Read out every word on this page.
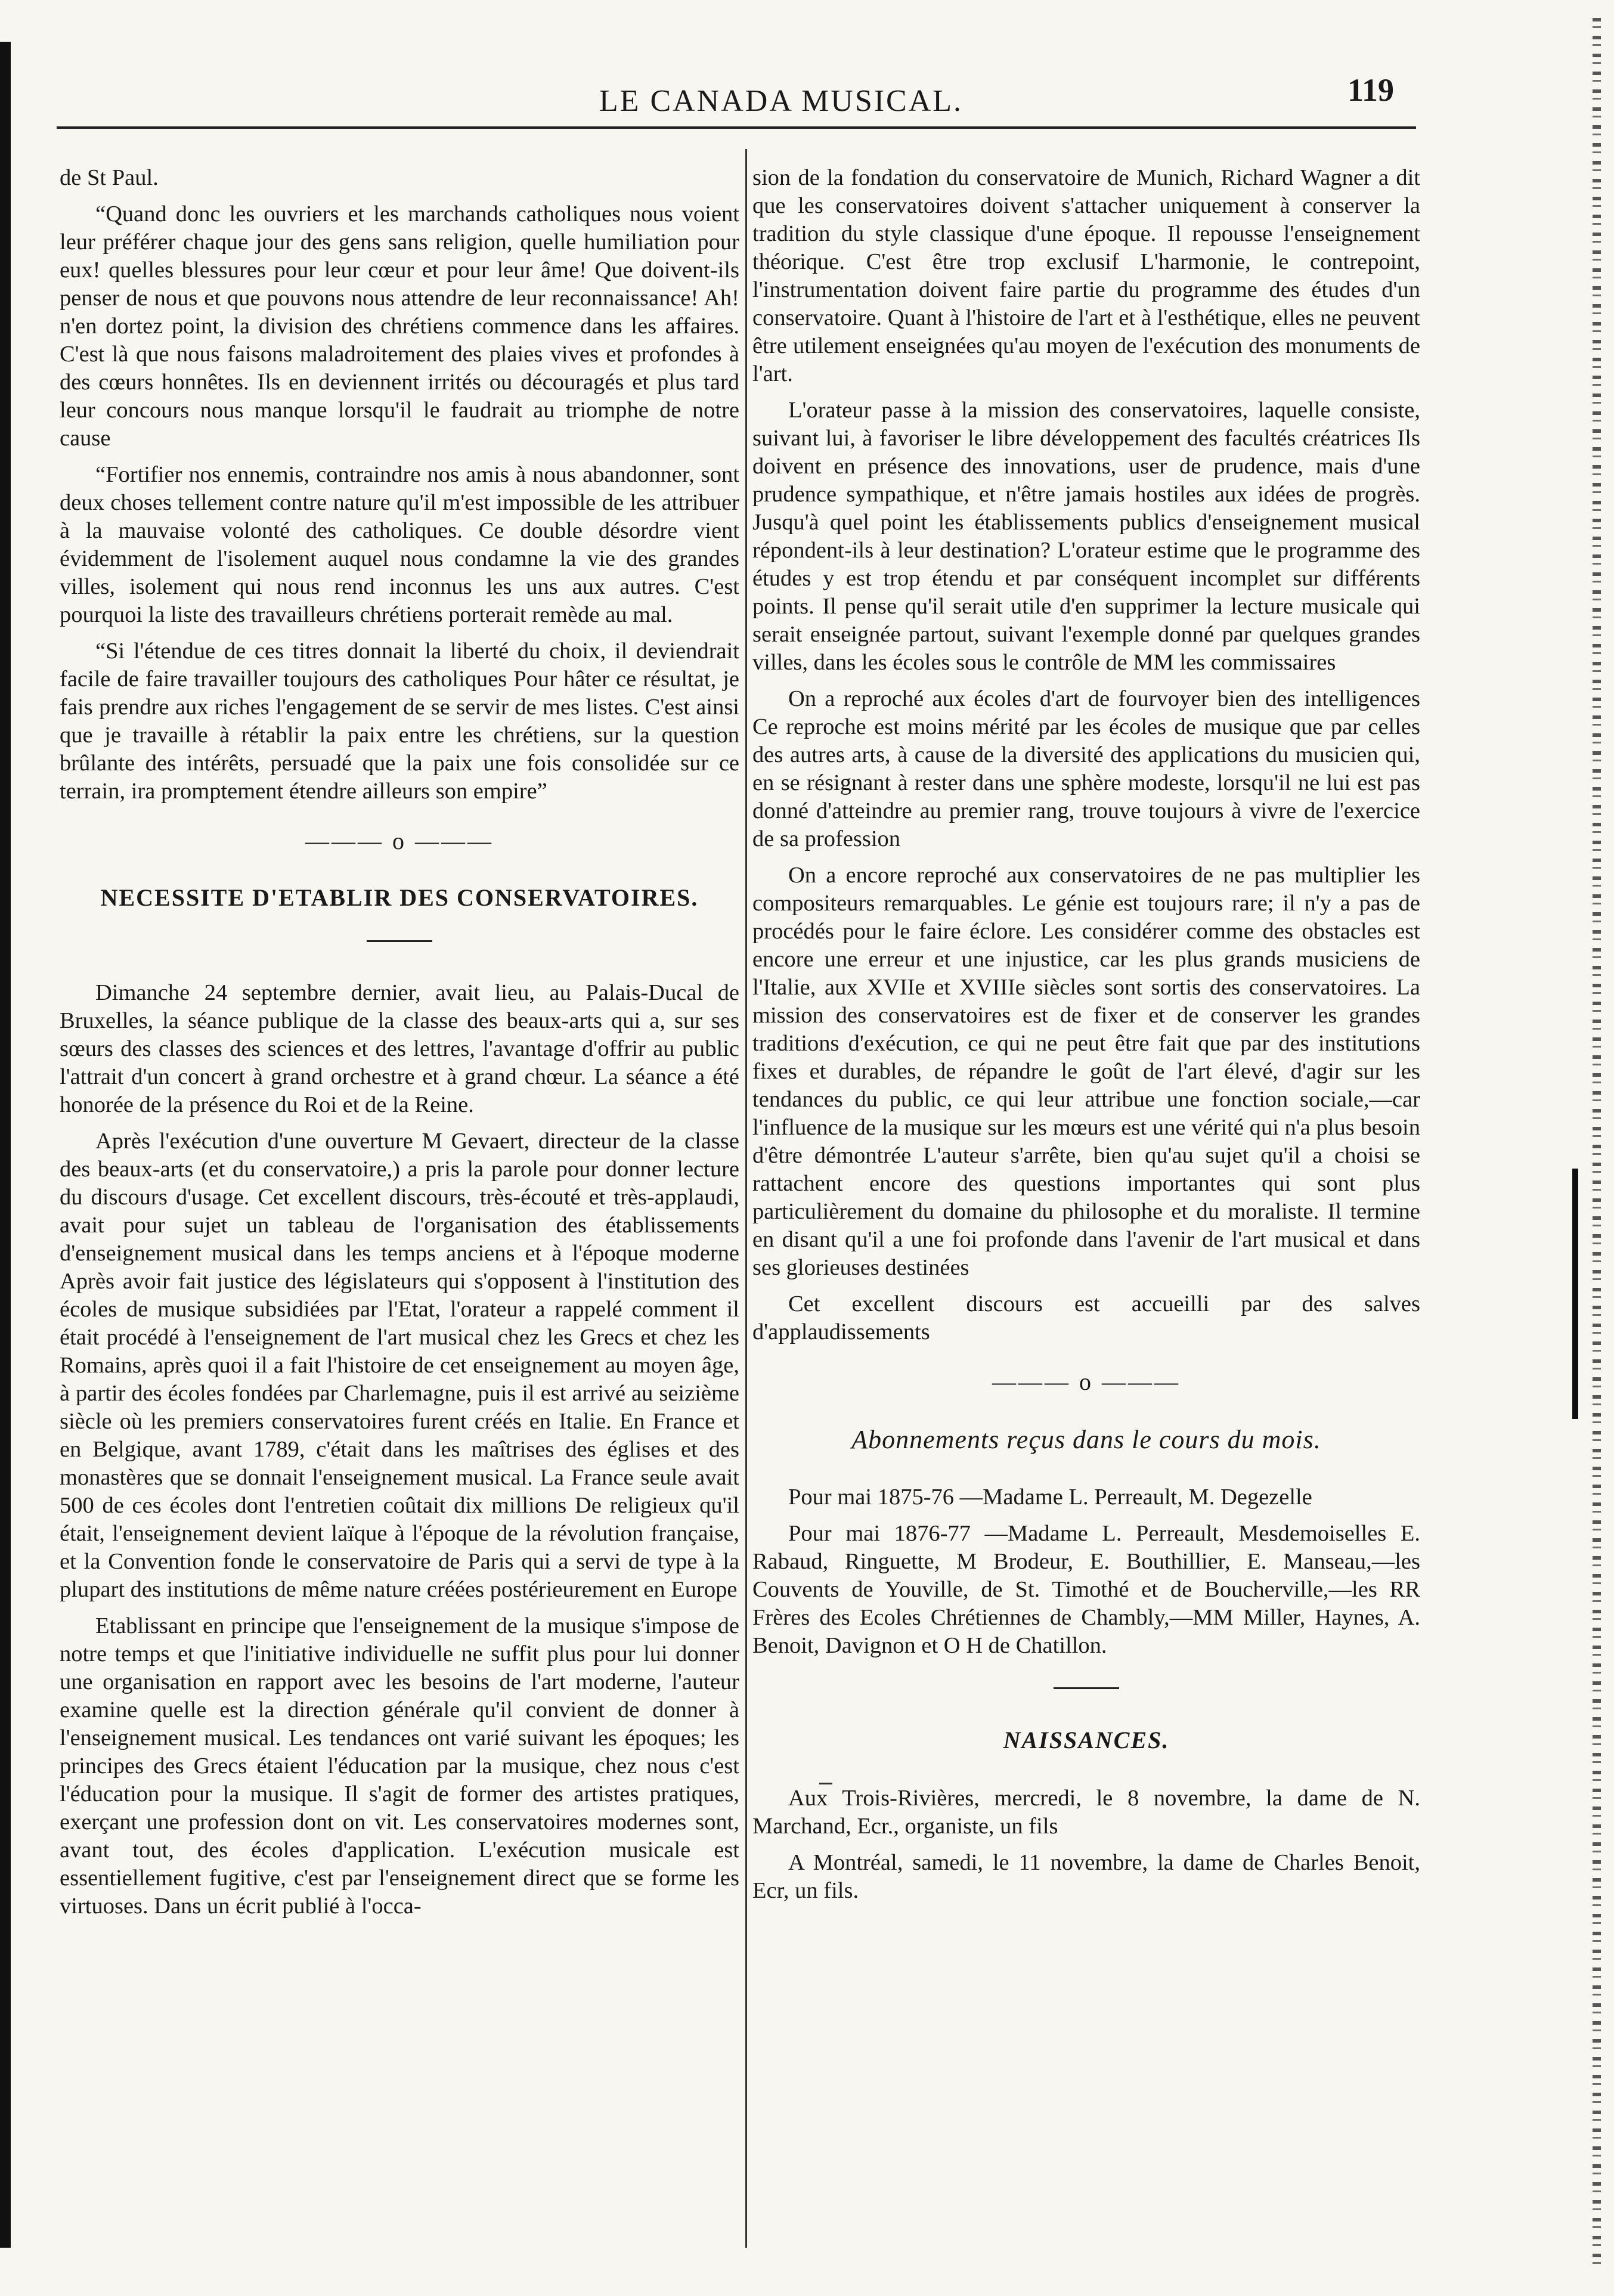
LE CANADA MUSICAL.	119

de St Paul.

“Quand donc les ouvriers et les marchands catholiques nous voient leur préférer chaque jour des gens sans religion, quelle humiliation pour eux! quelles blessures pour leur cœur et pour leur âme! Que doivent-ils penser de nous et que pouvons nous attendre de leur reconnaissance! Ah! n'en dortez point, la division des chrétiens commence dans les affaires. C'est là que nous faisons maladroitement des plaies vives et profondes à des cœurs honnêtes. Ils en deviennent irrités ou découragés et plus tard leur concours nous manque lorsqu'il le faudrait au triomphe de notre cause

“Fortifier nos ennemis, contraindre nos amis à nous abandonner, sont deux choses tellement contre nature qu'il m'est impossible de les attribuer à la mauvaise volonté des catholiques. Ce double désordre vient évidemment de l'isolement auquel nous condamne la vie des grandes villes, isolement qui nous rend inconnus les uns aux autres. C'est pourquoi la liste des travailleurs chrétiens porterait remède au mal.

“Si l'étendue de ces titres donnait la liberté du choix, il deviendrait facile de faire travailler toujours des catholiques Pour hâter ce résultat, je fais prendre aux riches l'engagement de se servir de mes listes. C'est ainsi que je travaille à rétablir la paix entre les chrétiens, sur la question brûlante des intérêts, persuadé que la paix une fois consolidée sur ce terrain, ira promptement étendre ailleurs son empire”

——— o ———
NECESSITE D'ETABLIR DES CONSERVATOIRES.

Dimanche 24 septembre dernier, avait lieu, au Palais-Ducal de Bruxelles, la séance publique de la classe des beaux-arts qui a, sur ses sœurs des classes des sciences et des lettres, l'avantage d'offrir au public l'attrait d'un concert à grand orchestre et à grand chœur. La séance a été honorée de la présence du Roi et de la Reine.

Après l'exécution d'une ouverture M Gevaert, directeur de la classe des beaux-arts (et du conservatoire,) a pris la parole pour donner lecture du discours d'usage. Cet excellent discours, très-écouté et très-applaudi, avait pour sujet un tableau de l'organisation des établissements d'enseignement musical dans les temps anciens et à l'époque moderne Après avoir fait justice des législateurs qui s'opposent à l'institution des écoles de musique subsidiées par l'Etat, l'orateur a rappelé comment il était procédé à l'enseignement de l'art musical chez les Grecs et chez les Romains, après quoi il a fait l'histoire de cet enseignement au moyen âge, à partir des écoles fondées par Charlemagne, puis il est arrivé au seizième siècle où les premiers conservatoires furent créés en Italie. En France et en Belgique, avant 1789, c'était dans les maîtrises des églises et des monastères que se donnait l'enseignement musical. La France seule avait 500 de ces écoles dont l'entretien coûtait dix millions De religieux qu'il était, l'enseignement devient laïque à l'époque de la révolution française, et la Convention fonde le conservatoire de Paris qui a servi de type à la plupart des institutions de même nature créées postérieurement en Europe

Etablissant en principe que l'enseignement de la musique s'impose de notre temps et que l'initiative individuelle ne suffit plus pour lui donner une organisation en rapport avec les besoins de l'art moderne, l'auteur examine quelle est la direction générale qu'il convient de donner à l'enseignement musical. Les tendances ont varié suivant les époques; les principes des Grecs étaient l'éducation par la musique, chez nous c'est l'éducation pour la musique. Il s'agit de former des artistes pratiques, exerçant une profession dont on vit. Les conservatoires modernes sont, avant tout, des écoles d'application. L'exécution musicale est essentiellement fugitive, c'est par l'enseignement direct que se forme les virtuoses. Dans un écrit publié à l'occa-

sion de la fondation du conservatoire de Munich, Richard Wagner a dit que les conservatoires doivent s'attacher uniquement à conserver la tradition du style classique d'une époque. Il repousse l'enseignement théorique. C'est être trop exclusif L'harmonie, le contrepoint, l'instrumentation doivent faire partie du programme des études d'un conservatoire. Quant à l'histoire de l'art et à l'esthétique, elles ne peuvent être utilement enseignées qu'au moyen de l'exécution des monuments de l'art.

L'orateur passe à la mission des conservatoires, laquelle consiste, suivant lui, à favoriser le libre développement des facultés créatrices Ils doivent en présence des innovations, user de prudence, mais d'une prudence sympathique, et n'être jamais hostiles aux idées de progrès. Jusqu'à quel point les établissements publics d'enseignement musical répondent-ils à leur destination? L'orateur estime que le programme des études y est trop étendu et par conséquent incomplet sur différents points. Il pense qu'il serait utile d'en supprimer la lecture musicale qui serait enseignée partout, suivant l'exemple donné par quelques grandes villes, dans les écoles sous le contrôle de MM les commissaires

On a reproché aux écoles d'art de fourvoyer bien des intelligences Ce reproche est moins mérité par les écoles de musique que par celles des autres arts, à cause de la diversité des applications du musicien qui, en se résignant à rester dans une sphère modeste, lorsqu'il ne lui est pas donné d'atteindre au premier rang, trouve toujours à vivre de l'exercice de sa profession

On a encore reproché aux conservatoires de ne pas multiplier les compositeurs remarquables. Le génie est toujours rare; il n'y a pas de procédés pour le faire éclore. Les considérer comme des obstacles est encore une erreur et une injustice, car les plus grands musiciens de l'Italie, aux XVIIe et XVIIIe siècles sont sortis des conservatoires. La mission des conservatoires est de fixer et de conserver les grandes traditions d'exécution, ce qui ne peut être fait que par des institutions fixes et durables, de répandre le goût de l'art élevé, d'agir sur les tendances du public, ce qui leur attribue une fonction sociale,—car l'influence de la musique sur les mœurs est une vérité qui n'a plus besoin d'être démontrée L'auteur s'arrête, bien qu'au sujet qu'il a choisi se rattachent encore des questions importantes qui sont plus particulièrement du domaine du philosophe et du moraliste. Il termine en disant qu'il a une foi profonde dans l'avenir de l'art musical et dans ses glorieuses destinées

Cet excellent discours est accueilli par des salves d'applaudissements

——— o ———
Abonnements reçus dans le cours du mois.

Pour mai 1875-76 —Madame L. Perreault, M. Degezelle

Pour mai 1876-77 —Madame L. Perreault, Mesdemoiselles E. Rabaud, Ringuette, M Brodeur, E. Bouthillier, E. Manseau,—les Couvents de Youville, de St. Timothé et de Boucherville,—les RR Frères des Ecoles Chrétiennes de Chambly,—MM Miller, Haynes, A. Benoit, Davignon et O H de Chatillon.

NAISSANCES.

Aux Trois-Rivières, mercredi, le 8 novembre, la dame de N. Marchand, Ecr., organiste, un fils

A Montréal, samedi, le 11 novembre, la dame de Charles Benoit, Ecr, un fils.
